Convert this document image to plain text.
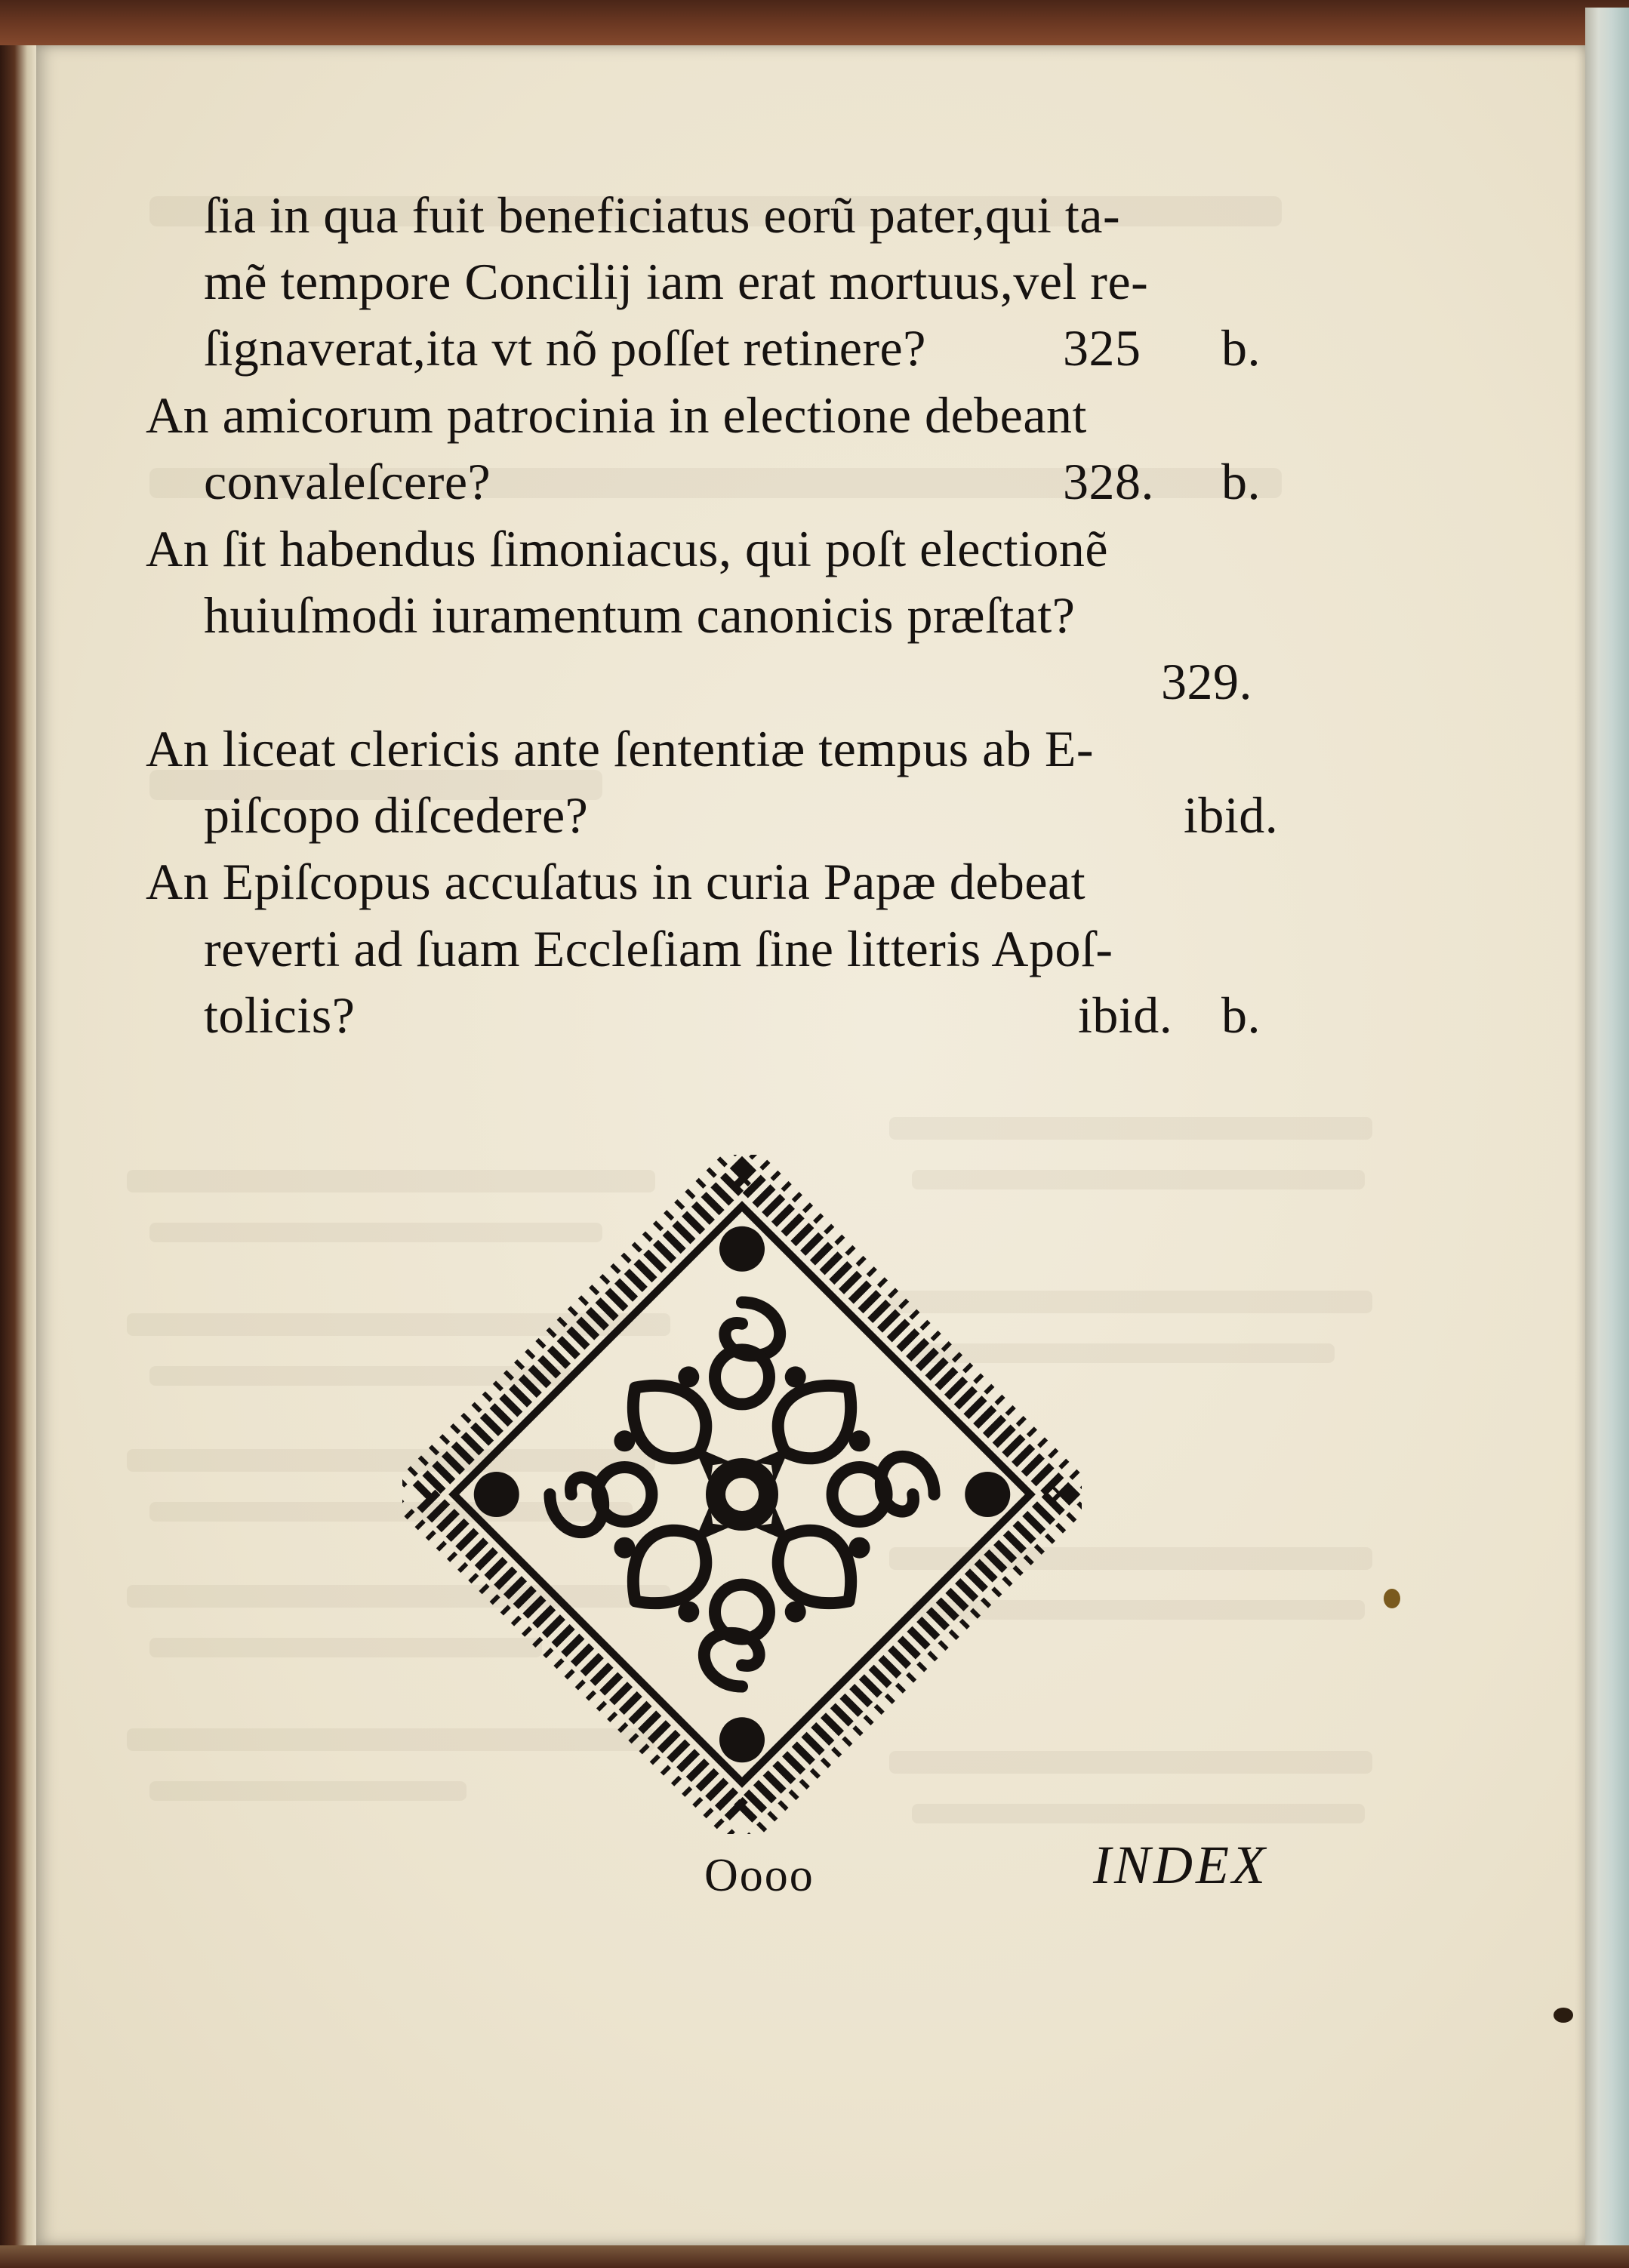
ſia in qua fuit beneficiatus eorũ pater,qui ta-
mẽ tempore Concilij iam erat mortuus,vel re-
ſignaverat,ita vt nõ poſſet retinere?	325 b.
An amicorum patrocinia in electione debeant
convaleſcere?	328. b.
An ſit habendus ſimoniacus, qui poſt electionẽ
huiuſmodi iuramentum canonicis præſtat?
329.
An liceat clericis ante ſententiæ tempus ab E-
piſcopo diſcedere?	ibid.
An Epiſcopus accuſatus in curia Papæ debeat
reverti ad ſuam Eccleſiam ſine litteris Apoſ-
tolicis?	ibid. b.
Oooo	INDEX
